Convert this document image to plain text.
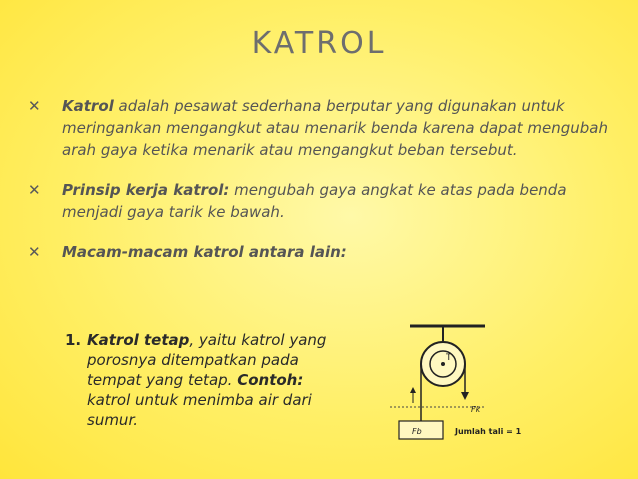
KATROL
✕ Katrol adalah pesawat sederhana berputar yang digunakan untuk meringankan mengangkut atau menarik benda karena dapat mengubah arah gaya ketika menarik atau mengangkut beban tersebut.
✕ Prinsip kerja katrol: mengubah gaya angkat ke atas pada benda menjadi gaya tarik ke bawah.
✕ Macam-macam katrol antara lain:
1. Katrol tetap, yaitu katrol yang porosnya ditempatkan pada tempat yang tetap. Contoh: katrol untuk menimba air dari sumur.
T
Fk
Fb	Jumlah tali = 1
